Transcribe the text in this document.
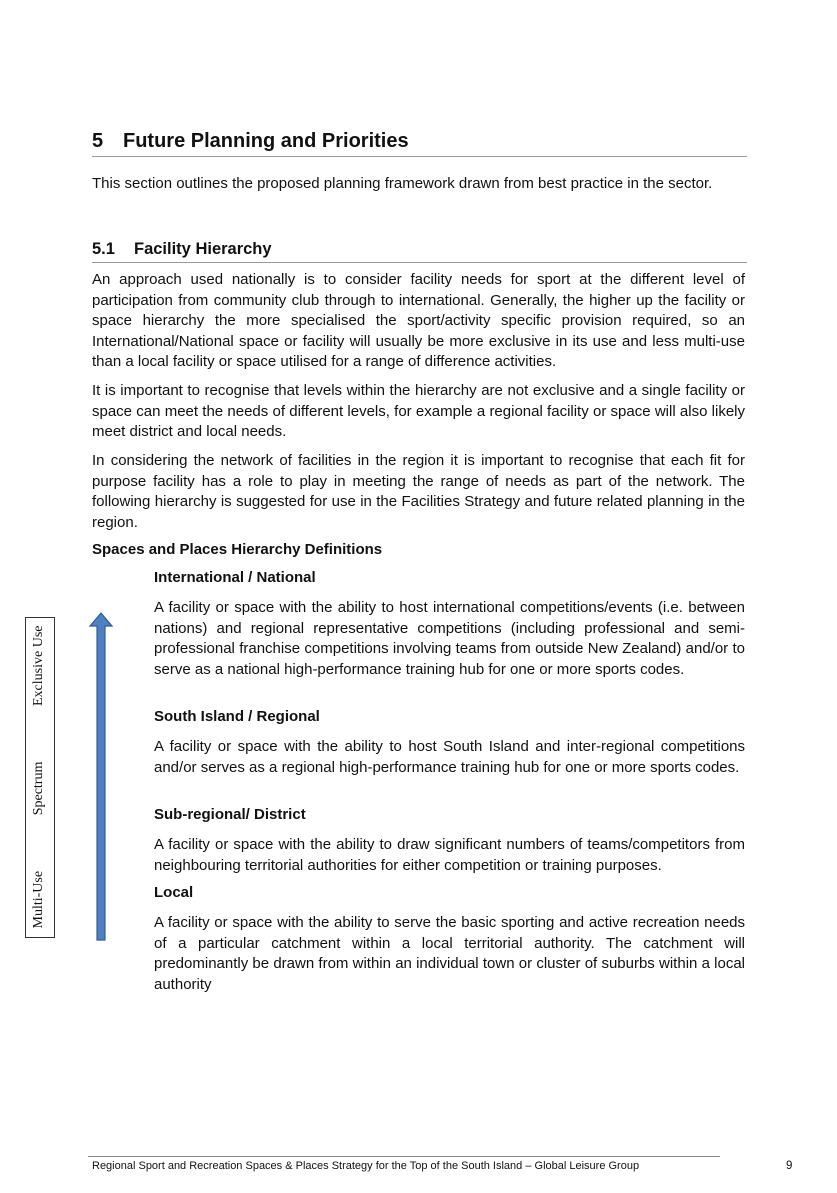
5 Future Planning and Priorities

This section outlines the proposed planning framework drawn from best practice in the sector.

5.1 Facility Hierarchy

An approach used nationally is to consider facility needs for sport at the different level of participation from community club through to international. Generally, the higher up the facility or space hierarchy the more specialised the sport/activity specific provision required, so an International/National space or facility will usually be more exclusive in its use and less multi-use than a local facility or space utilised for a range of difference activities.

It is important to recognise that levels within the hierarchy are not exclusive and a single facility or space can meet the needs of different levels, for example a regional facility or space will also likely meet district and local needs.

In considering the network of facilities in the region it is important to recognise that each fit for purpose facility has a role to play in meeting the range of needs as part of the network. The following hierarchy is suggested for use in the Facilities Strategy and future related planning in the region.

Spaces and Places Hierarchy Definitions
International / National

A facility or space with the ability to host international competitions/events (i.e. between nations) and regional representative competitions (including professional and semi-professional franchise competitions involving teams from outside New Zealand) and/or to serve as a national high-performance training hub for one or more sports codes.

South Island / Regional

A facility or space with the ability to host South Island and inter-regional competitions and/or serves as a regional high-performance training hub for one or more sports codes.

Sub-regional/ District

A facility or space with the ability to draw significant numbers of teams/competitors from neighbouring territorial authorities for either competition or training purposes.

Local

A facility or space with the ability to serve the basic sporting and active recreation needs of a particular catchment within a local territorial authority. The catchment will predominantly be drawn from within an individual town or cluster of suburbs within a local authority

Multi-Use
Spectrum
Exclusive Use
Regional Sport and Recreation Spaces & Places Strategy for the Top of the South Island – Global Leisure Group	9
